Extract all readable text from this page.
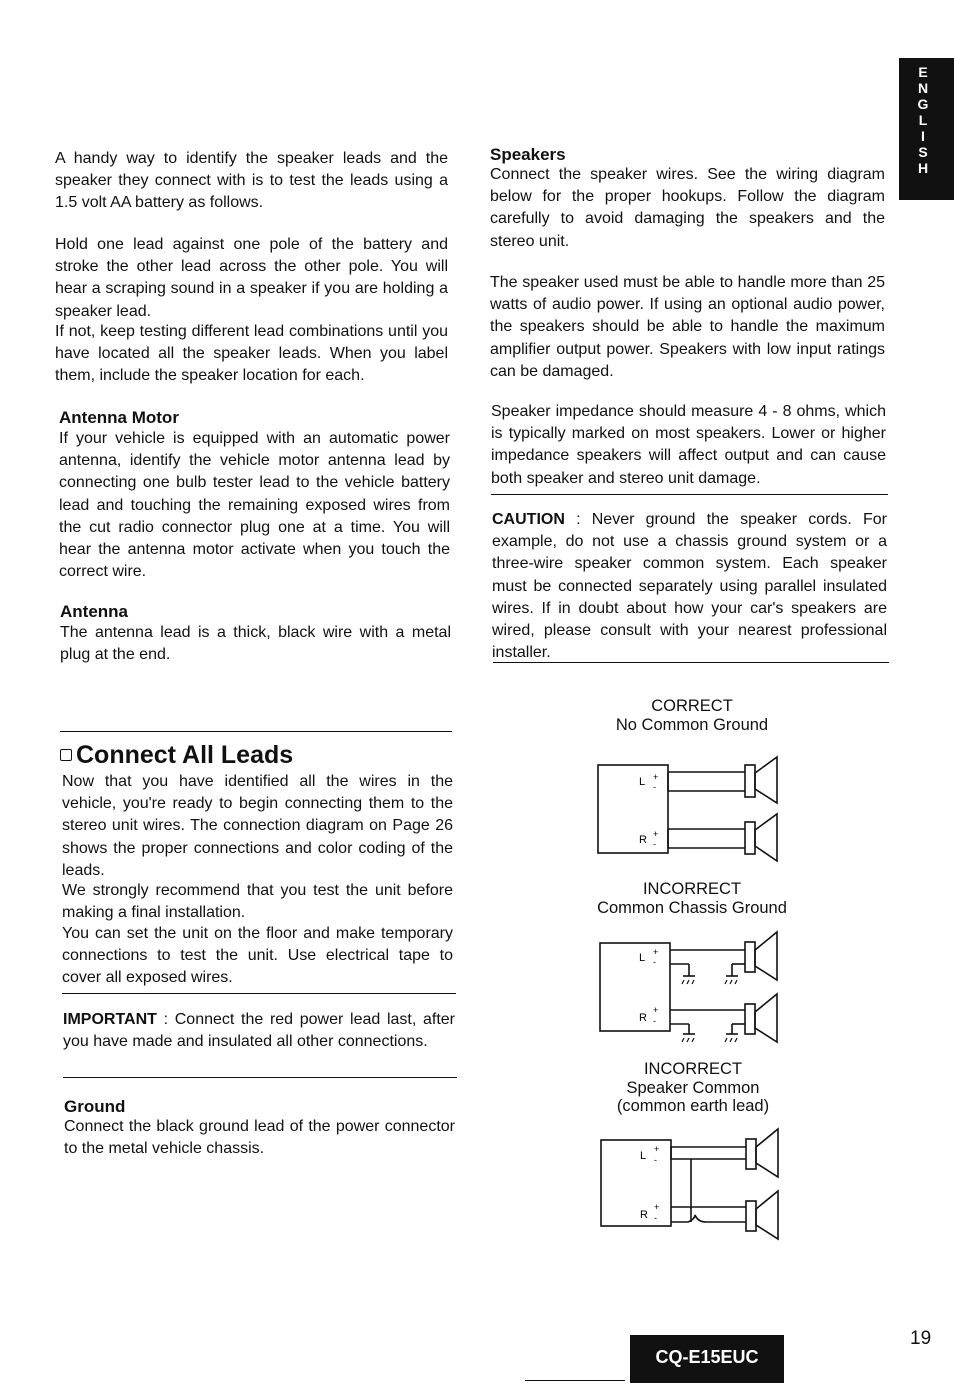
E
N
G
L
I
S
H

A handy way to identify the speaker leads and the speaker they connect with is to test the leads using a 1.5 volt AA battery as follows.

Hold one lead against one pole of the battery and stroke the other lead across the other pole. You will hear a scraping sound in a speaker if you are holding a speaker lead.

If not, keep testing different lead combinations until you have located all the speaker leads. When you label them, include the speaker location for each.

Antenna Motor

If your vehicle is equipped with an automatic power antenna, identify the vehicle motor antenna lead by connecting one bulb tester lead to the vehicle battery lead and touching the remaining exposed wires from the cut radio connector plug one at a time. You will hear the antenna motor activate when you touch the correct wire.

Antenna

The antenna lead is a thick, black wire with a metal plug at the end.

Connect All Leads

Now that you have identified all the wires in the vehicle, you're ready to begin connecting them to the stereo unit wires. The connection diagram on Page 26 shows the proper connections and color coding of the leads.

We strongly recommend that you test the unit before making a final installation.

You can set the unit on the floor and make temporary connections to test the unit. Use electrical tape to cover all exposed wires.

IMPORTANT : Connect the red power lead last, after you have made and insulated all other connections.

Ground

Connect the black ground lead of the power connector to the metal vehicle chassis.

Speakers

Connect the speaker wires. See the wiring diagram below for the proper hookups. Follow the diagram carefully to avoid damaging the speakers and the stereo unit.

The speaker used must be able to handle more than 25 watts of audio power. If using an optional audio power, the speakers should be able to handle the maximum amplifier output power. Speakers with low input ratings can be damaged.

Speaker impedance should measure 4 - 8 ohms, which is typically marked on most speakers. Lower or higher impedance speakers will affect output and can cause both speaker and stereo unit damage.

CAUTION : Never ground the speaker cords. For example, do not use a chassis ground system or a three-wire speaker common system. Each speaker must be connected separately using parallel insulated wires. If in doubt about how your car's speakers are wired, please consult with your nearest professional installer.

CORRECT
No Common Ground
L +
-
R +
-
INCORRECT
Common Chassis Ground
L +
-
R
+
-
INCORRECT
Speaker Common
(common earth lead)
L
+
-
R
+
-
CQ-E15EUC
19
